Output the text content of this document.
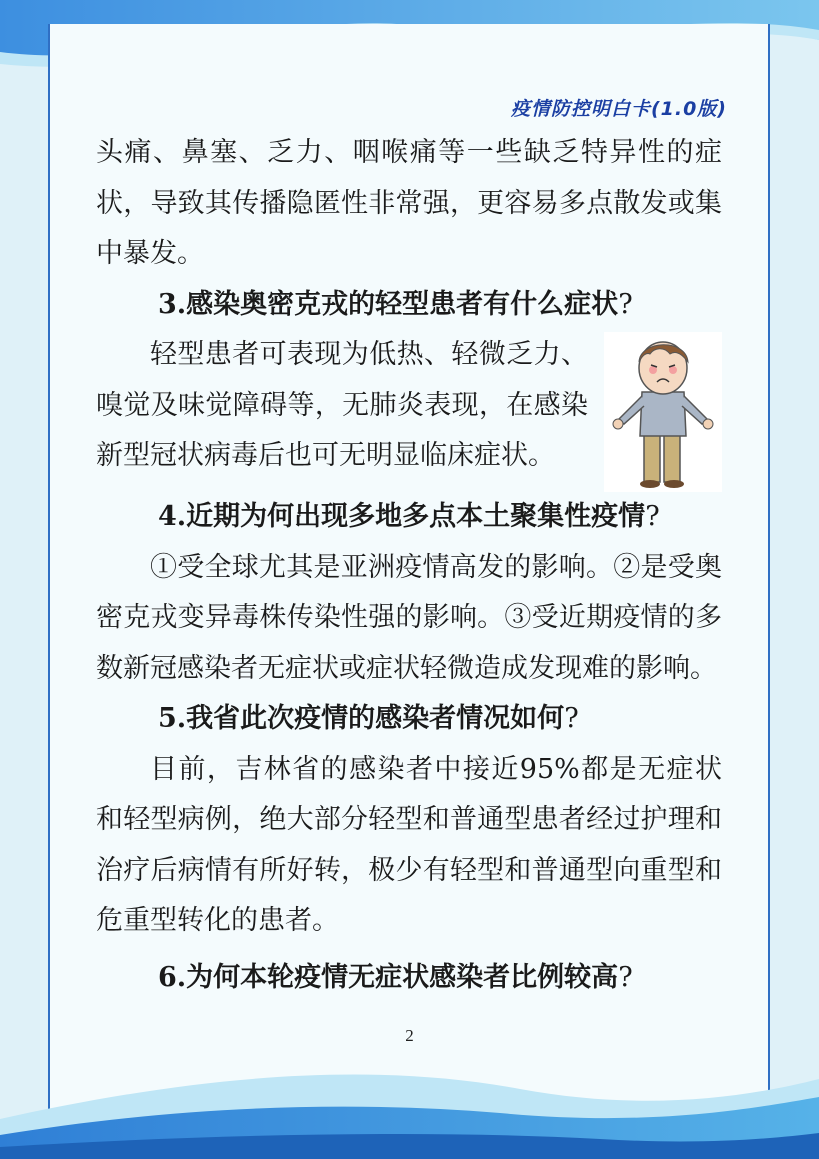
疫情防控明白卡(1.0版)

头痛、鼻塞、乏力、咽喉痛等一些缺乏特异性的症状，导致其传播隐匿性非常强，更容易多点散发或集中暴发。

3.感染奥密克戎的轻型患者有什么症状?

轻型患者可表现为低热、轻微乏力、嗅觉及味觉障碍等，无肺炎表现，在感染新型冠状病毒后也可无明显临床症状。

4.近期为何出现多地多点本土聚集性疫情?

①受全球尤其是亚洲疫情高发的影响。②是受奥密克戎变异毒株传染性强的影响。③受近期疫情的多数新冠感染者无症状或症状轻微造成发现难的影响。

5.我省此次疫情的感染者情况如何?

目前，吉林省的感染者中接近95%都是无症状和轻型病例，绝大部分轻型和普通型患者经过护理和治疗后病情有所好转，极少有轻型和普通型向重型和危重型转化的患者。

6.为何本轮疫情无症状感染者比例较高?

2
